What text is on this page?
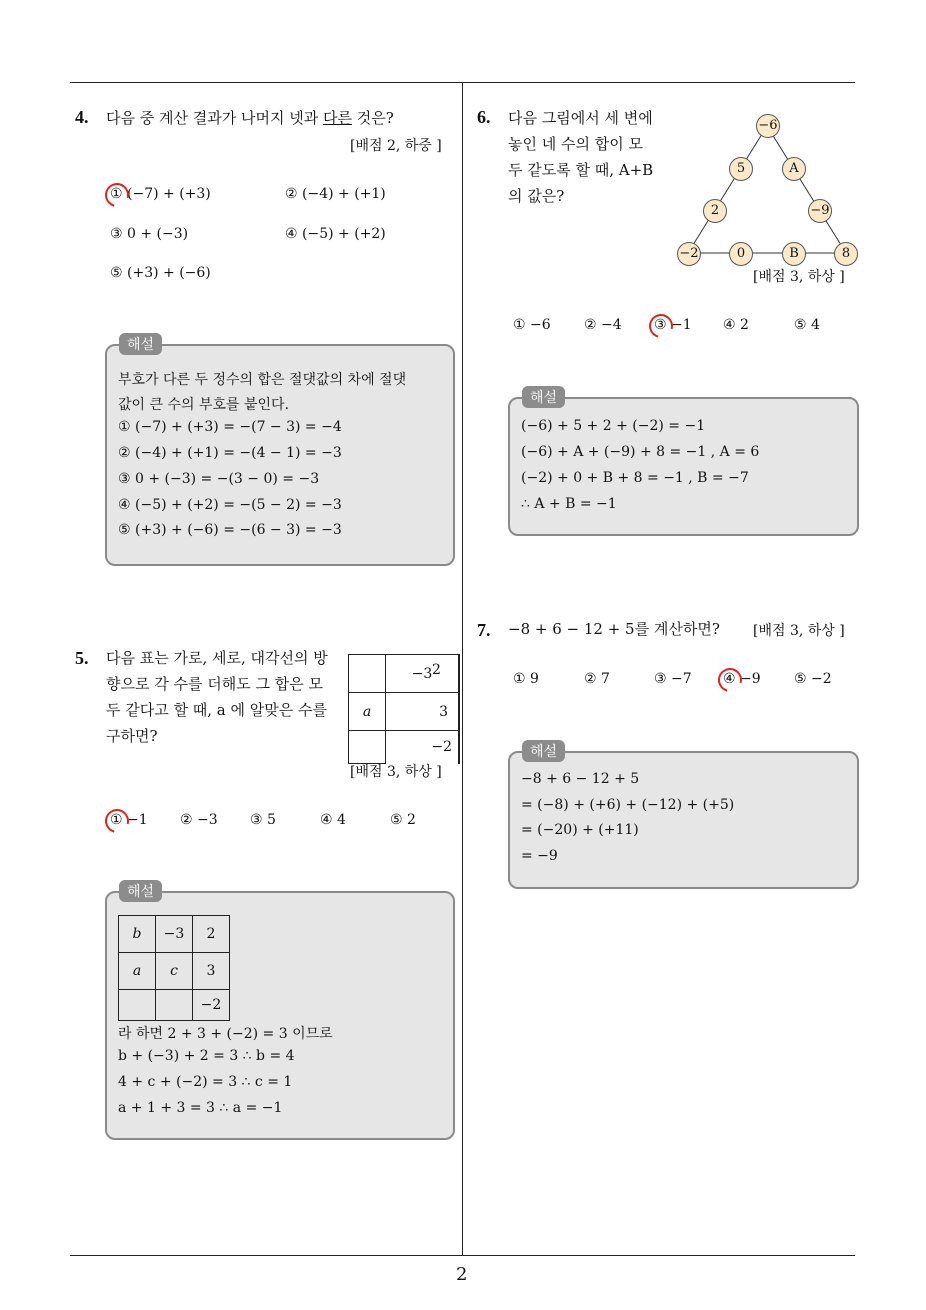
2
4. 다음 중 계산 결과가 나머지 넷과 다른 것은?
[배점 2, 하중 ]
① (−7) + (+3)	② (−4) + (+1)
③ 0 + (−3)	④ (−5) + (+2)
⑤ (+3) + (−6)
해설
부호가 다른 두 정수의 합은 절댓값의 차에 절댓
값이 큰 수의 부호를 붙인다.
① (−7) + (+3) = −(7 − 3) = −4
② (−4) + (+1) = −(4 − 1) = −3
③ 0 + (−3) = −(3 − 0) = −3
④ (−5) + (+2) = −(5 − 2) = −3
⑤ (+3) + (−6) = −(6 − 3) = −3
5. 다음 표는 가로, 세로, 대각선의 방
향으로 각 수를 더해도 그 합은 모
두 같다고 할 때, a 에 알맞은 수를
구하면?
	−3	
a	3	
	−2	
2
[배점 3, 하상 ]
① −1 ② −3 ③ 5	④ 4	⑤ 2
해설
b	−3	2
a	c	3
		−2
라 하면 2 + 3 + (−2) = 3 이므로
b + (−3) + 2 = 3 ∴ b = 4
4 + c + (−2) = 3 ∴ c = 1
a + 1 + 3 = 3 ∴ a = −1
6. 다음 그림에서 세 변에
놓인 네 수의 합이 모
두 같도록 할 때, A+B
의 값은?
−6
5	A
2	−9
−2	0	B	8
[배점 3, 하상 ]
① −6 ② −4 ③ −1 ④ 2	⑤ 4
해설
(−6) + 5 + 2 + (−2) = −1
(−6) + A + (−9) + 8 = −1 , A = 6
(−2) + 0 + B + 8 = −1 , B = −7
∴ A + B = −1
7. −8 + 6 − 12 + 5를 계산하면? [배점 3, 하상 ]
① 9	② 7	③ −7 ④ −9 ⑤ −2
해설
−8 + 6 − 12 + 5
= (−8) + (+6) + (−12) + (+5)
= (−20) + (+11)
= −9
